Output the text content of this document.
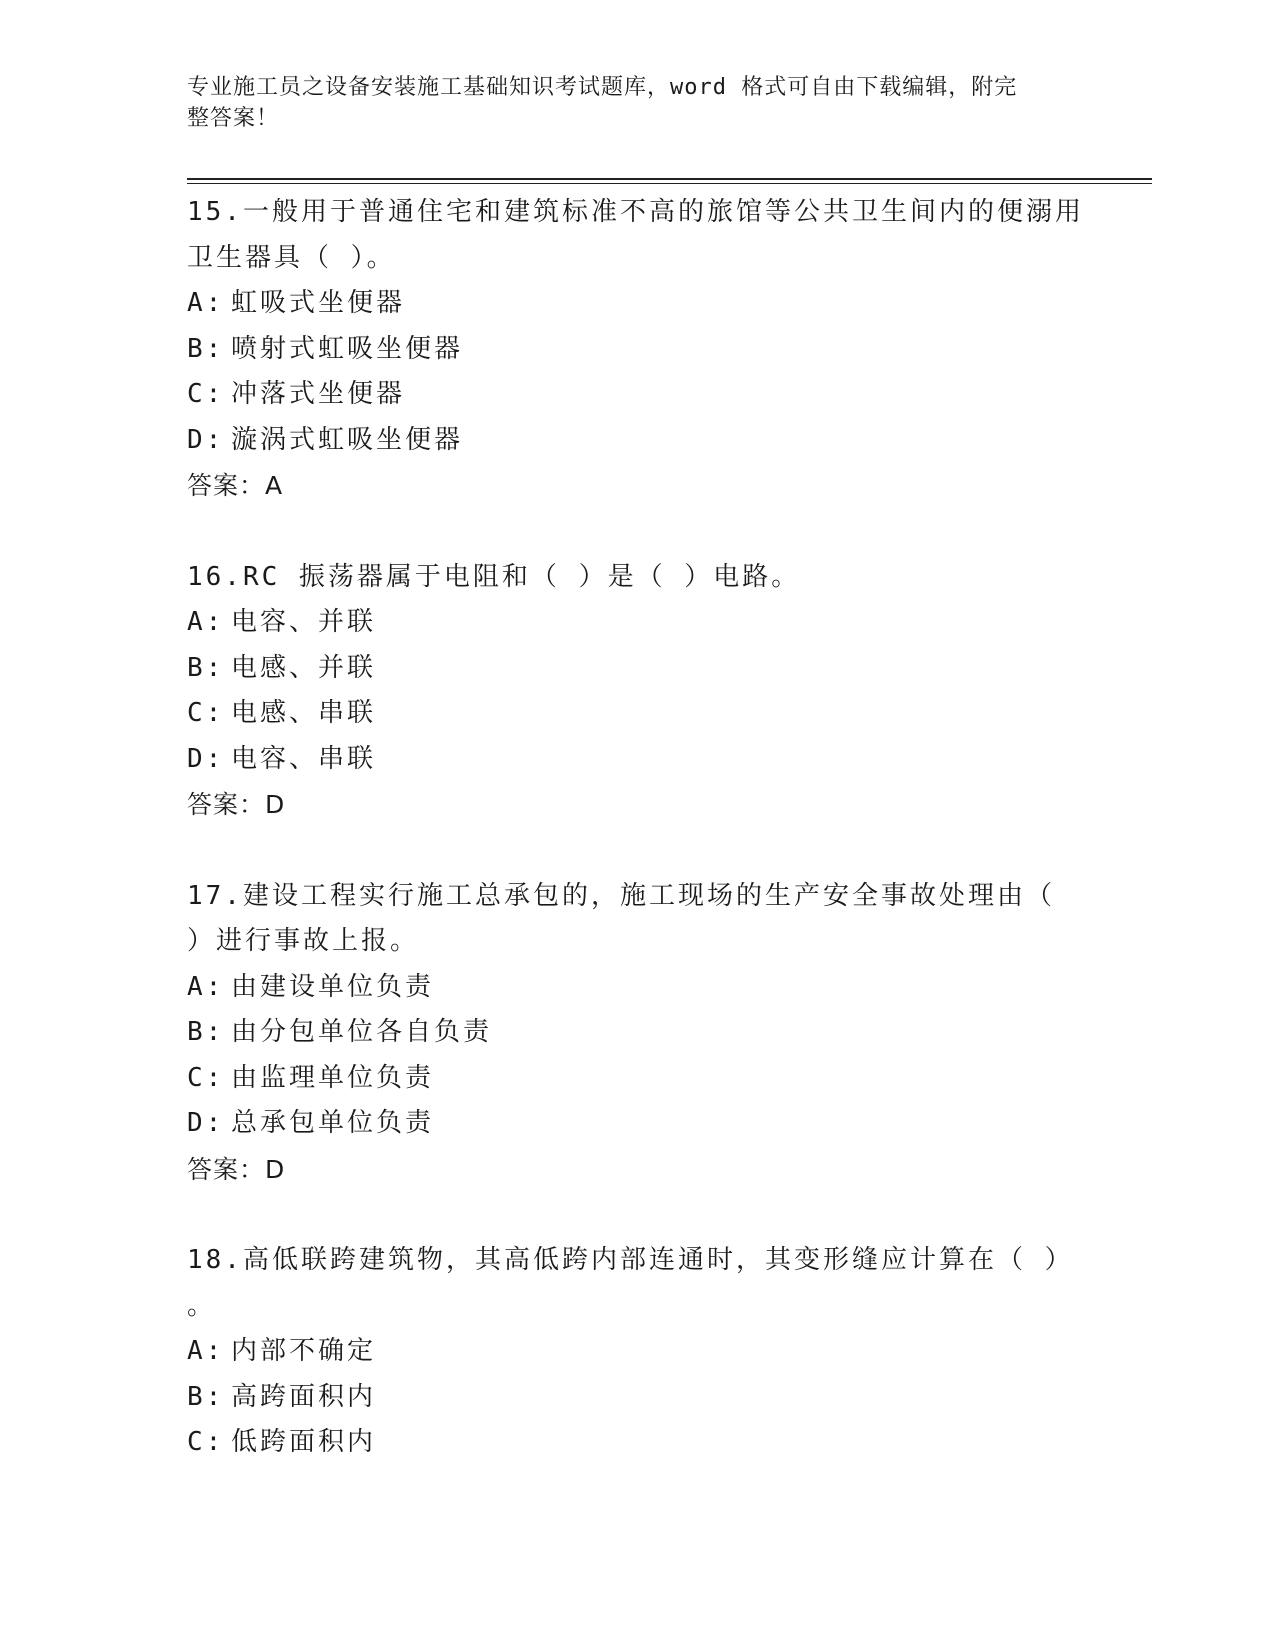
专业施工员之设备安装施工基础知识考试题库，word 格式可自由下载编辑，附完
整答案！
15.一般用于普通住宅和建筑标准不高的旅馆等公共卫生间内的便溺用
卫生器具（ ）。
A: 虹吸式坐便器
B: 喷射式虹吸坐便器
C: 冲落式坐便器
D: 漩涡式虹吸坐便器
答案：A
16.RC 振荡器属于电阻和（ ）是（ ）电路。
A: 电容、并联
B: 电感、并联
C: 电感、串联
D: 电容、串联
答案：D
17.建设工程实行施工总承包的，施工现场的生产安全事故处理由（
）进行事故上报。
A: 由建设单位负责
B: 由分包单位各自负责
C: 由监理单位负责
D: 总承包单位负责
答案：D
18.高低联跨建筑物，其高低跨内部连通时，其变形缝应计算在（ ）
。
A: 内部不确定
B: 高跨面积内
C: 低跨面积内
